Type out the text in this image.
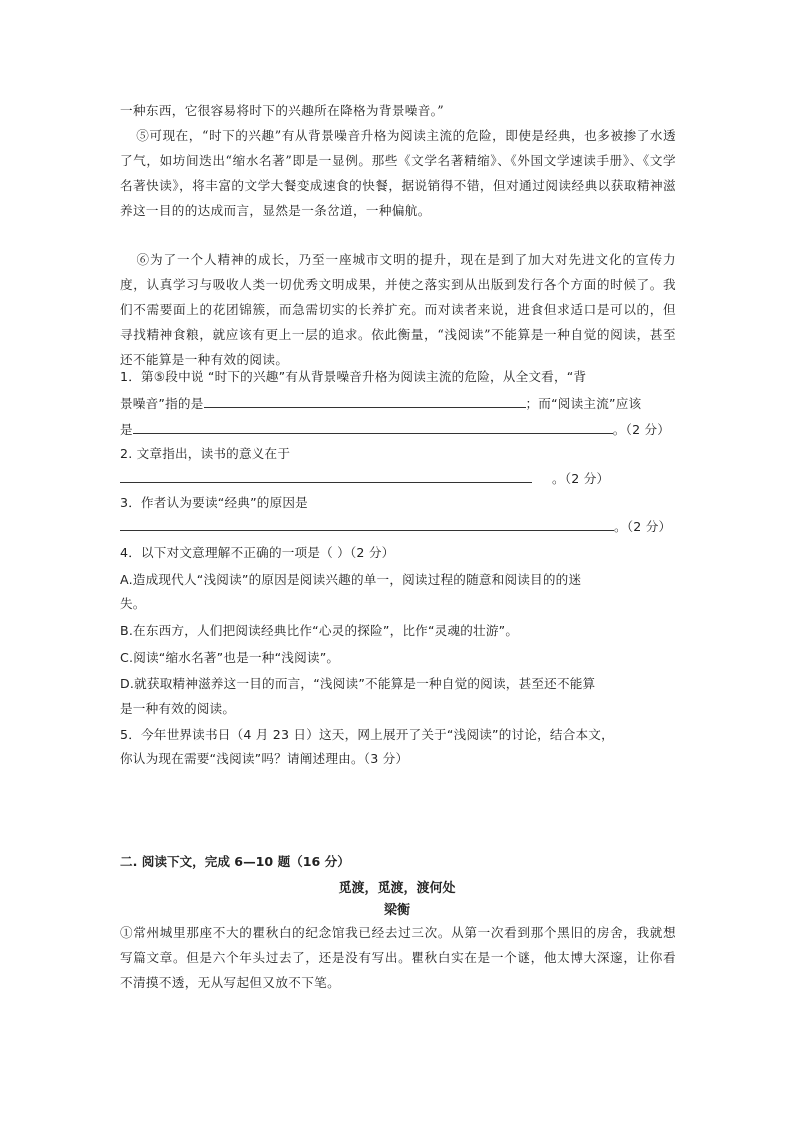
一种东西，它很容易将时下的兴趣所在降格为背景噪音。”

⑤可现在，“时下的兴趣”有从背景噪音升格为阅读主流的危险，即使是经典，也多被掺了水透了气，如坊间迭出“缩水名著”即是一显例。那些《文学名著精缩》、《外国文学速读手册》、《文学名著快读》，将丰富的文学大餐变成速食的快餐，据说销得不错，但对通过阅读经典以获取精神滋养这一目的的达成而言，显然是一条岔道，一种偏航。

⑥为了一个人精神的成长，乃至一座城市文明的提升，现在是到了加大对先进文化的宣传力度，认真学习与吸收人类一切优秀文明成果，并使之落实到从出版到发行各个方面的时候了。我们不需要面上的花团锦簇，而急需切实的长养扩充。而对读者来说，进食但求适口是可以的，但寻找精神食粮，就应该有更上一层的追求。依此衡量，“浅阅读”不能算是一种自觉的阅读，甚至还不能算是一种有效的阅读。

1．第⑤段中说 “时下的兴趣”有从背景噪音升格为阅读主流的危险，从全文看，“背

景噪音”指的是	；而“阅读主流”应该

是	。（2 分）

2. 文章指出，读书的意义在于

。（2 分）

3．作者认为要读“经典”的原因是

。（2 分）

4．以下对文意理解不正确的一项是（ ）（2 分）

A.造成现代人“浅阅读”的原因是阅读兴趣的单一，阅读过程的随意和阅读目的的迷

失。

B.在东西方，人们把阅读经典比作“心灵的探险”，比作“灵魂的壮游”。

C.阅读“缩水名著”也是一种“浅阅读”。

D.就获取精神滋养这一目的而言，“浅阅读”不能算是一种自觉的阅读，甚至还不能算

是一种有效的阅读。

5．今年世界读书日（4 月 23 日）这天，网上展开了关于“浅阅读”的讨论，结合本文，

你认为现在需要“浅阅读”吗？请阐述理由。（3 分）

二. 阅读下文，完成 6—10 题（16 分）

觅渡，觅渡，渡何处

梁衡

①常州城里那座不大的瞿秋白的纪念馆我已经去过三次。从第一次看到那个黑旧的房舍，我就想写篇文章。但是六个年头过去了，还是没有写出。瞿秋白实在是一个谜，他太博大深邃，让你看不清摸不透，无从写起但又放不下笔。
